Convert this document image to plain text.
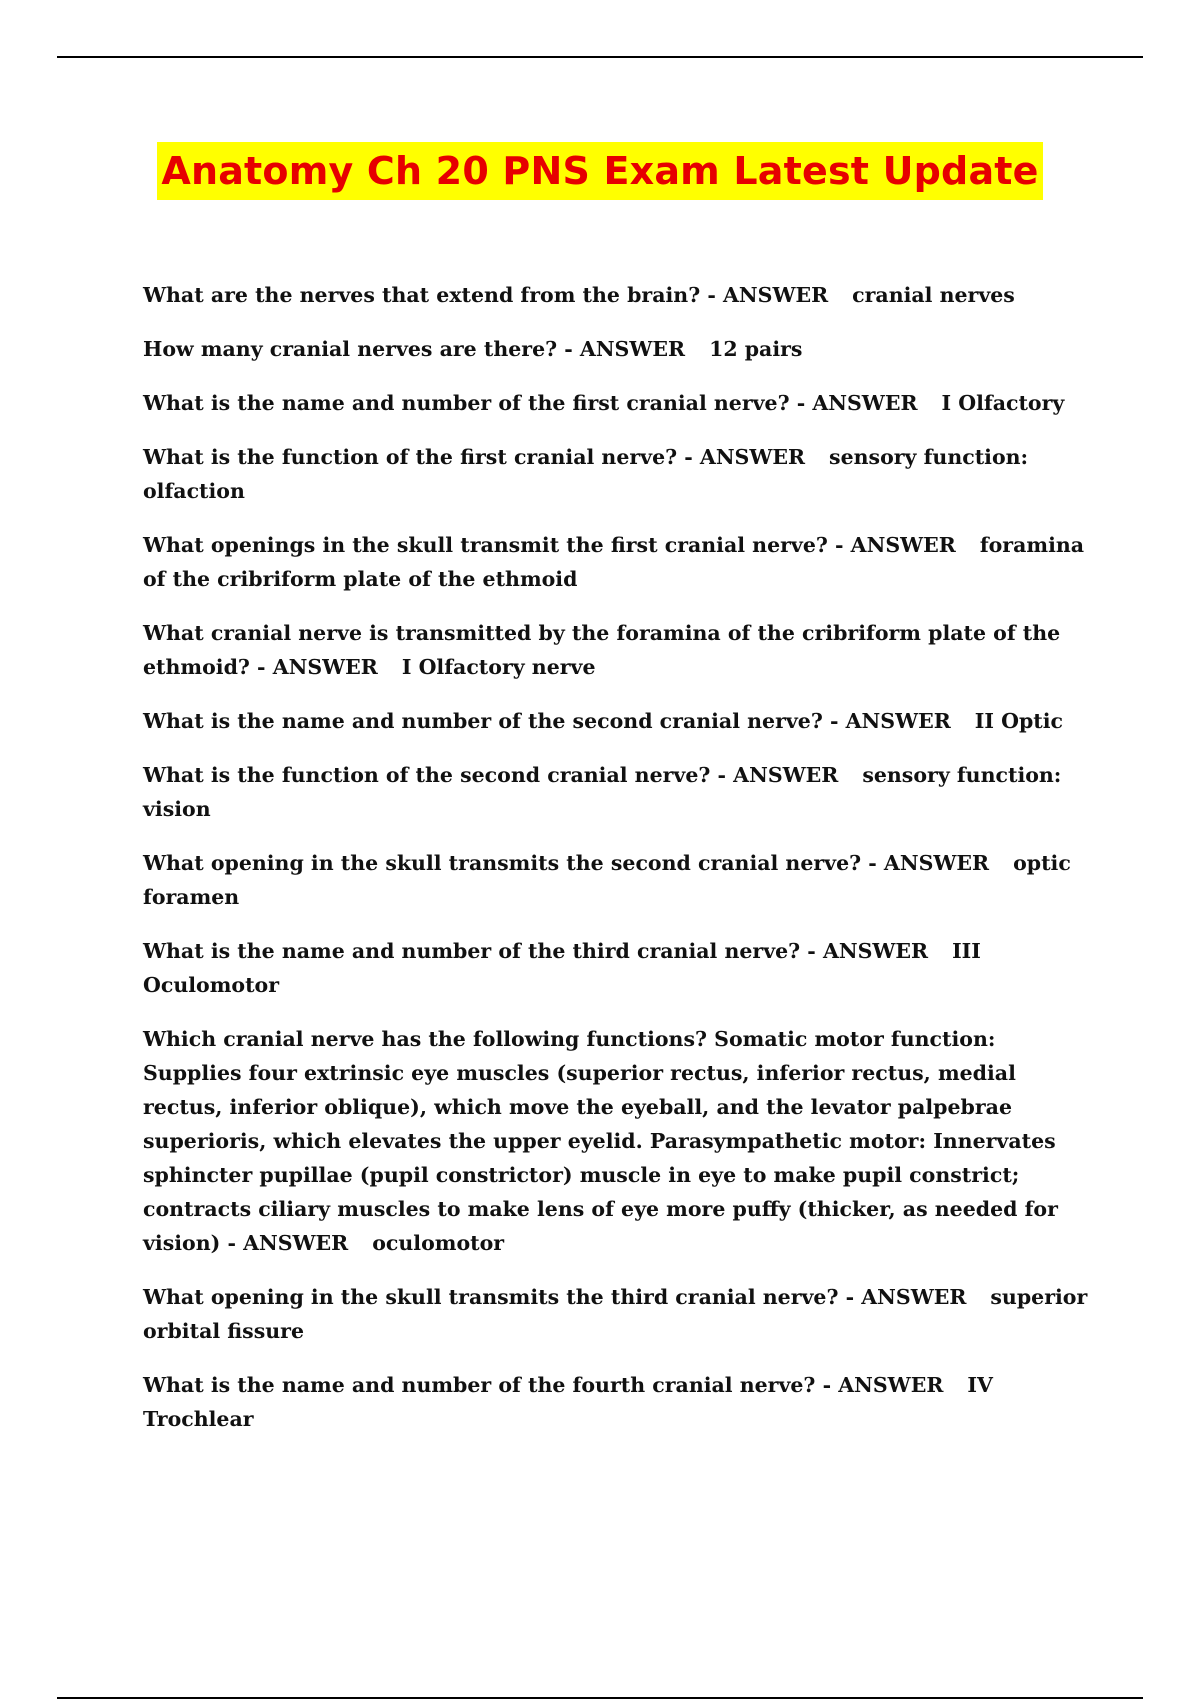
Anatomy Ch 20 PNS Exam Latest Update
What are the nerves that extend from the brain? - ANSWER cranial nerves
How many cranial nerves are there? - ANSWER 12 pairs
What is the name and number of the first cranial nerve? - ANSWER I Olfactory
What is the function of the first cranial nerve? - ANSWER sensory function: olfaction
What openings in the skull transmit the first cranial nerve? - ANSWER foramina of the cribriform plate of the ethmoid
What cranial nerve is transmitted by the foramina of the cribriform plate of the ethmoid? - ANSWER I Olfactory nerve
What is the name and number of the second cranial nerve? - ANSWER II Optic
What is the function of the second cranial nerve? - ANSWER sensory function: vision
What opening in the skull transmits the second cranial nerve? - ANSWER optic foramen
What is the name and number of the third cranial nerve? - ANSWER III Oculomotor
Which cranial nerve has the following functions? Somatic motor function: Supplies four extrinsic eye muscles (superior rectus, inferior rectus, medial rectus, inferior oblique), which move the eyeball, and the levator palpebrae superioris, which elevates the upper eyelid. Parasympathetic motor: Innervates sphincter pupillae (pupil constrictor) muscle in eye to make pupil constrict; contracts ciliary muscles to make lens of eye more puffy (thicker, as needed for vision) - ANSWER oculomotor
What opening in the skull transmits the third cranial nerve? - ANSWER superior orbital fissure
What is the name and number of the fourth cranial nerve? - ANSWER IV Trochlear
